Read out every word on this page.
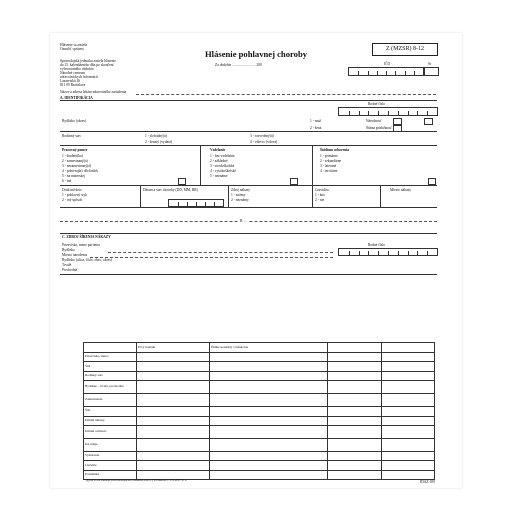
Hlásenie sa zasiela
Označiť správny	Hlásenie pohlavnej choroby	Z (MZSR) 8-12
Za obdobie .......................... 200	IČO	Sr
Spravodajská jednotka zasiela hlásenie
do 15. kalendárneho dňa po skončení
vyšetrovaného obdobia
Národné centrum
zdravotníckych informácií
Lazaretská 26
811 09 Bratislava
Názov a adresa lekára-zdravotného zariadenia
A. IDENTIFIKÁCIA
Rodné číslo
Bydlisko (okres)	1 - muž
2 - žena
Národnosť
Štátna príslušnosť
Rodinný stav	1 - slobodný(á)
2 - ženatý (vydatá)
3 - rozvedený(á)
4 - vdovec (vdova)
Pracovný pomer
1 - študent(ka)
2 - zamestnaný(a)
3 - nezamestnaný(á)
4 - pobierajúci dôchodok
5 - na materskej
6 - iné
Vzdelanie
1 - bez vzdelania
2 - základné
3 - stredoškolské
4 - vysokoškolské
5 - neznáme
Štádium ochorenia
1 - primárne
2 - sekundárne
3 - latentné
4 - terciárne
Druh infekcie
1 - pohlavný styk
2 - iný spôsob
Dátum a stav choroby (DD, MM, RR)	Zdroj nákazy
1 - známy
2 - neznámy
Gravidita
1 - áno
2 - nie
Miesto nákazy
B. ...
C. ZDROJ ŠÍRENIA NÁKAZY
Priezvisko, meno pacienta
Bydlisko
Miesto narodenia
Bydlisko (ulica, číslo, obec, okres)
Trvalé
Prechodné
Rodné číslo
	Prvý kontakt	Ďalšie kontakty s infekciou		
Priezvisko, meno				
Vek				
Rodinný stav				
Bydlisko - trvalé, prechodné				
Zamestnanie				
Štát				
Dátum nákazy				
Dátum a miesto				
Iné údaje				
Vyšetrenie				
Liečenie				
Poznámka				
* Vyplní sa na základe predchádzajúceho hlásenia podľa § 28 zákona č. 355/2007 Z. z.	IDAZ 109
